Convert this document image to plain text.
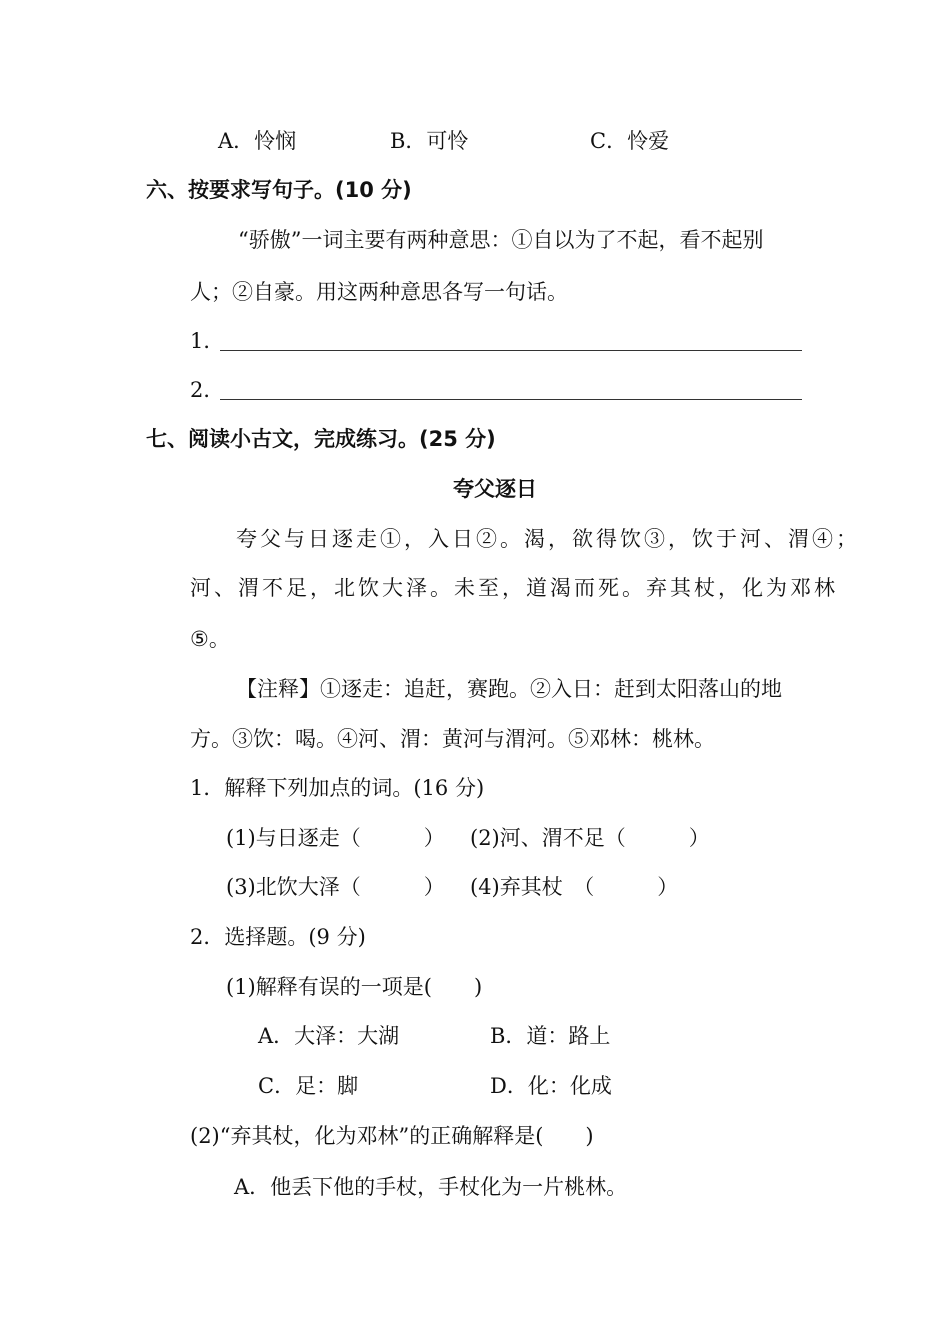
A．怜悯	B．可怜	C．怜爱
六、按要求写句子。(10 分)
“骄傲”一词主要有两种意思：①自以为了不起，看不起别
人；②自豪。用这两种意思各写一句话。
1．
2．
七、阅读小古文，完成练习。(25 分)
夸父逐日
夸父与日逐走①，入日②。渴，欲得饮③，饮于河、渭④；
河、渭不足，北饮大泽。未至，道渴而死。弃其杖，化为邓林
⑤。
【注释】①逐走：追赶，赛跑。②入日：赶到太阳落山的地
方。③饮：喝。④河、渭：黄河与渭河。⑤邓林：桃林。
1．解释下列加点的词。(16 分)
(1)与日逐走（　　　） (2)河、渭不足（　　　）
(3)北饮大泽（　　　） (4)弃其杖　（　　　）
2．选择题。(9 分)
(1)解释有误的一项是(　　)
A．大泽：大湖	B．道：路上
C．足：脚	D．化：化成
(2)“弃其杖，化为邓林”的正确解释是(　　)
A．他丢下他的手杖，手杖化为一片桃林。
